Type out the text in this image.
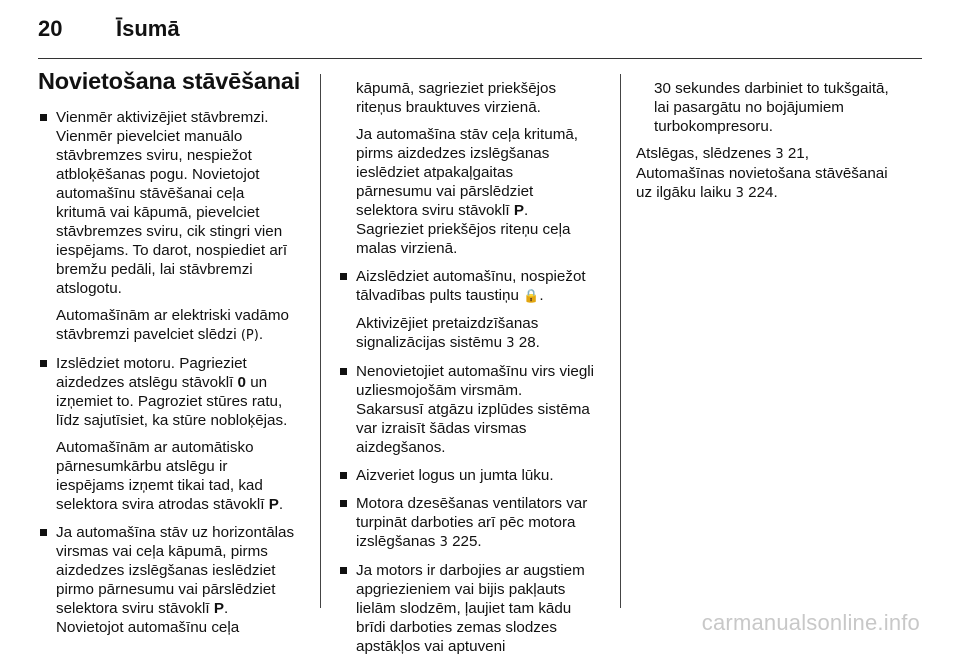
20 Īsumā
Novietošana stāvēšanai

Vienmēr aktivizējiet stāvbremzi.

Vienmēr pievelciet manuālo

stāvbremzes sviru, nespiežot

atbloķēšanas pogu. Novietojot

automašīnu stāvēšanai ceļa

kritumā vai kāpumā, pievelciet

stāvbremzes sviru, cik stingri vien

iespējams. To darot, nospiediet arī

bremžu pedāli, lai stāvbremzi

atslogotu.

Automašīnām ar elektriski vadāmo

stāvbremzi pavelciet slēdzi (P).

Izslēdziet motoru. Pagrieziet

aizdedzes atslēgu stāvoklī 0 un

izņemiet to. Pagroziet stūres ratu,

līdz sajutīsiet, ka stūre nobloķējas.

Automašīnām ar automātisko

pārnesumkārbu atslēgu ir

iespējams izņemt tikai tad, kad

selektora svira atrodas stāvoklī P.

Ja automašīna stāv uz horizontālas

virsmas vai ceļa kāpumā, pirms

aizdedzes izslēgšanas ieslēdziet

pirmo pārnesumu vai pārslēdziet

selektora sviru stāvoklī P.

Novietojot automašīnu ceļa

kāpumā, sagrieziet priekšējos

riteņus brauktuves virzienā.

Ja automašīna stāv ceļa kritumā,

pirms aizdedzes izslēgšanas

ieslēdziet atpakaļgaitas

pārnesumu vai pārslēdziet

selektora sviru stāvoklī P.

Sagrieziet priekšējos riteņu ceļa

malas virzienā.

Aizslēdziet automašīnu, nospiežot

tālvadības pults taustiņu 🔒.

Aktivizējiet pretaizdzīšanas

signalizācijas sistēmu 3 28.

Nenovietojiet automašīnu virs viegli

uzliesmojošām virsmām.

Sakarsusī atgāzu izplūdes sistēma

var izraisīt šādas virsmas

aizdegšanos.

Aizveriet logus un jumta lūku.

Motora dzesēšanas ventilators var

turpināt darboties arī pēc motora

izslēgšanas 3 225.

Ja motors ir darbojies ar augstiem

apgriezieniem vai bijis pakļauts

lielām slodzēm, ļaujiet tam kādu

brīdi darboties zemas slodzes

apstākļos vai aptuveni

30 sekundes darbiniet to tukšgaitā,

lai pasargātu no bojājumiem

turbokompresoru.

Atslēgas, slēdzenes 3 21,

Automašīnas novietošana stāvēšanai

uz ilgāku laiku 3 224.

carmanualsonline.info
